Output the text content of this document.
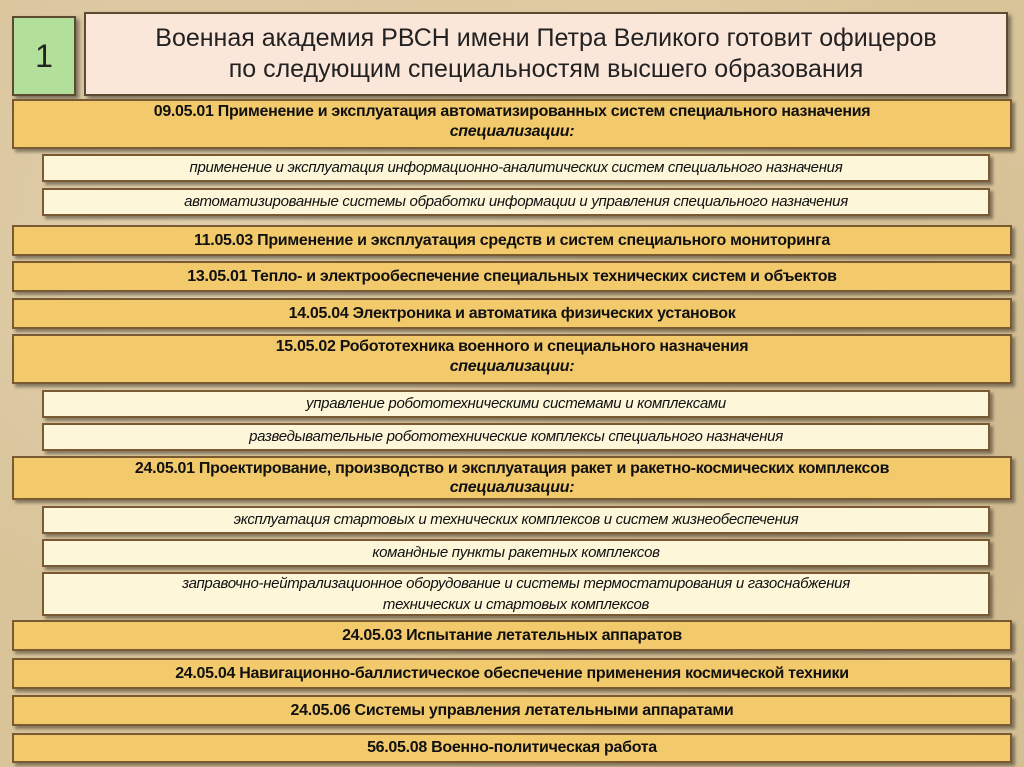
1	Военная академия РВСН имени Петра Великого готовит офицеров
по следующим специальностям высшего образования
09.05.01 Применение и эксплуатация автоматизированных систем специального назначения
специализации:
применение и эксплуатация информационно-аналитических систем специального назначения
автоматизированные системы обработки информации и управления специального назначения
11.05.03 Применение и эксплуатация средств и систем специального мониторинга
13.05.01 Тепло- и электрообеспечение специальных технических систем и объектов
14.05.04 Электроника и автоматика физических установок
15.05.02 Робототехника военного и специального назначения
специализации:
управление робототехническими системами и комплексами
разведывательные робототехнические комплексы специального назначения
24.05.01 Проектирование, производство и эксплуатация ракет и ракетно-космических комплексов
специализации:
эксплуатация стартовых и технических комплексов и систем жизнеобеспечения
командные пункты ракетных комплексов
заправочно-нейтрализационное оборудование и системы термостатирования и газоснабжения
технических и стартовых комплексов
24.05.03 Испытание летательных аппаратов
24.05.04 Навигационно-баллистическое обеспечение применения космической техники
24.05.06 Системы управления летательными аппаратами
56.05.08 Военно-политическая работа
